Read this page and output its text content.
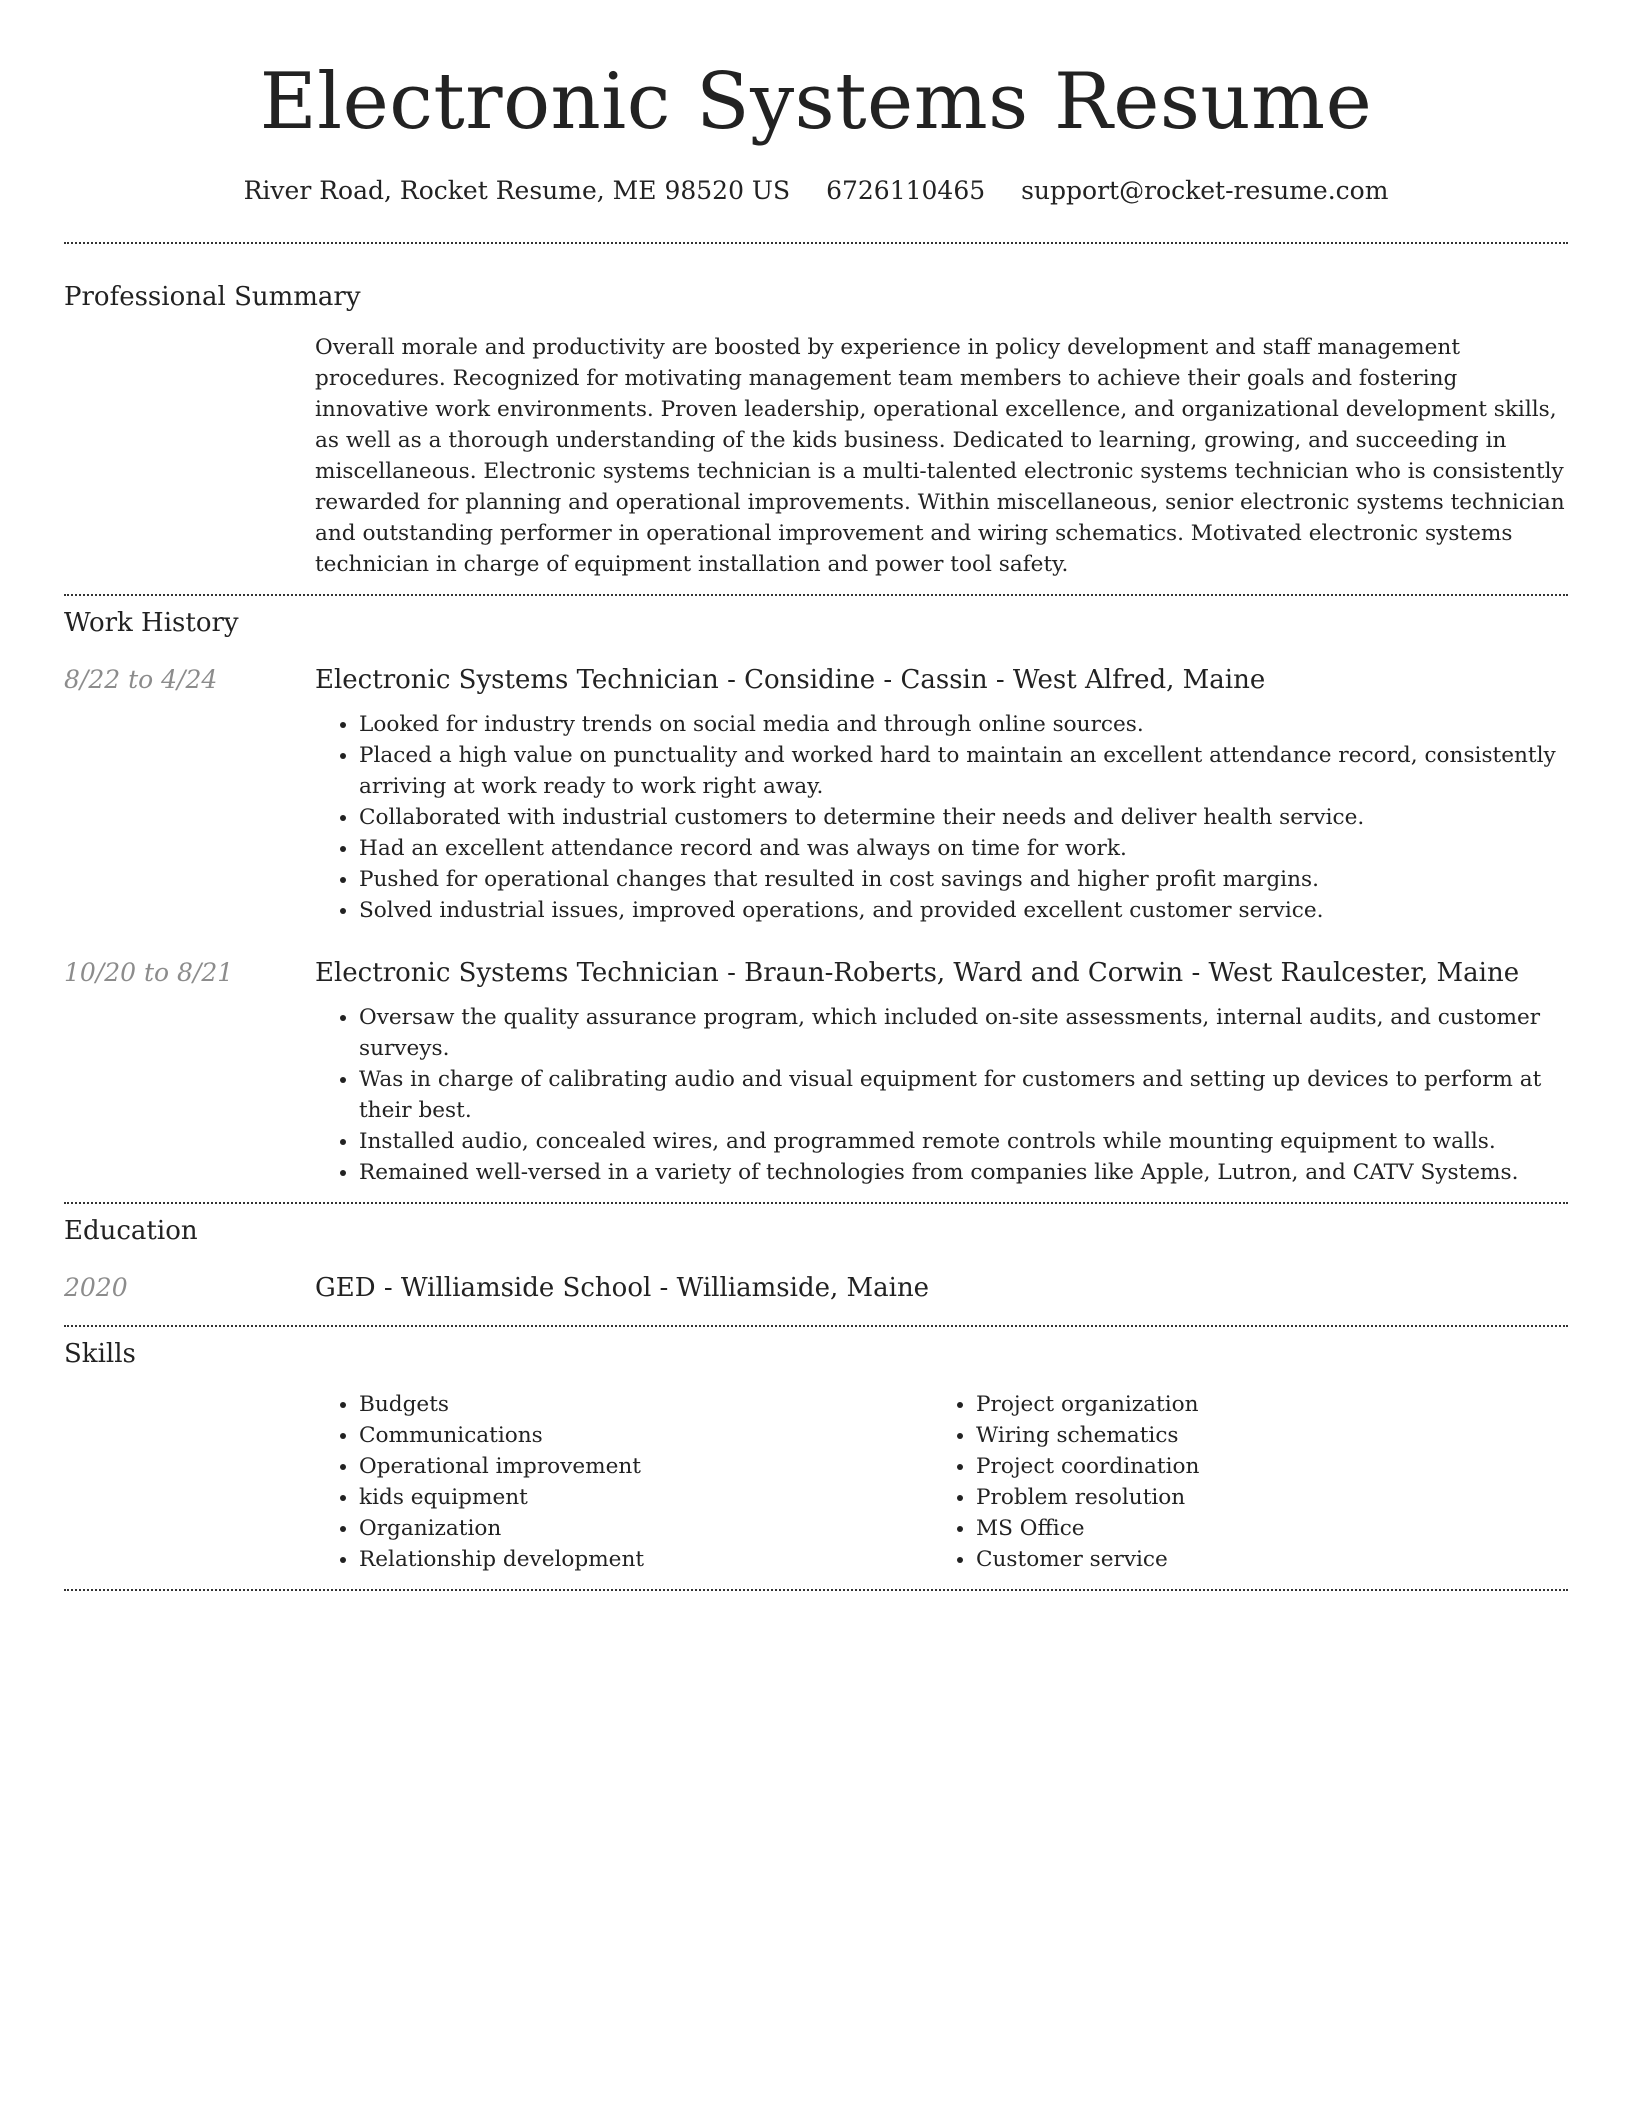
Electronic Systems Resume
River Road, Rocket Resume, ME 98520 US 6726110465 support@rocket-resume.com
Professional Summary

Overall morale and productivity are boosted by experience in policy development and staff management procedures. Recognized for motivating management team members to achieve their goals and fostering innovative work environments. Proven leadership, operational excellence, and organizational development skills, as well as a thorough understanding of the kids business. Dedicated to learning, growing, and succeeding in miscellaneous. Electronic systems technician is a multi-talented electronic systems technician who is consistently rewarded for planning and operational improvements. Within miscellaneous, senior electronic systems technician and outstanding performer in operational improvement and wiring schematics. Motivated electronic systems technician in charge of equipment installation and power tool safety.

Work History
8/22 to 4/24	Electronic Systems Technician - Considine - Cassin - West Alfred, Maine
• Looked for industry trends on social media and through online sources.
• Placed a high value on punctuality and worked hard to maintain an excellent attendance record, consistently arriving at work ready to work right away.
• Collaborated with industrial customers to determine their needs and deliver health service.
• Had an excellent attendance record and was always on time for work.
• Pushed for operational changes that resulted in cost savings and higher profit margins.
• Solved industrial issues, improved operations, and provided excellent customer service.
10/20 to 8/21	Electronic Systems Technician - Braun-Roberts, Ward and Corwin - West Raulcester, Maine
• Oversaw the quality assurance program, which included on-site assessments, internal audits, and customer surveys.
• Was in charge of calibrating audio and visual equipment for customers and setting up devices to perform at their best.
• Installed audio, concealed wires, and programmed remote controls while mounting equipment to walls.
• Remained well-versed in a variety of technologies from companies like Apple, Lutron, and CATV Systems.
Education
2020	GED - Williamside School - Williamside, Maine
Skills
• Budgets
• Communications
• Operational improvement
• kids equipment
• Organization
• Relationship development
• Project organization
• Wiring schematics
• Project coordination
• Problem resolution
• MS Office
• Customer service
